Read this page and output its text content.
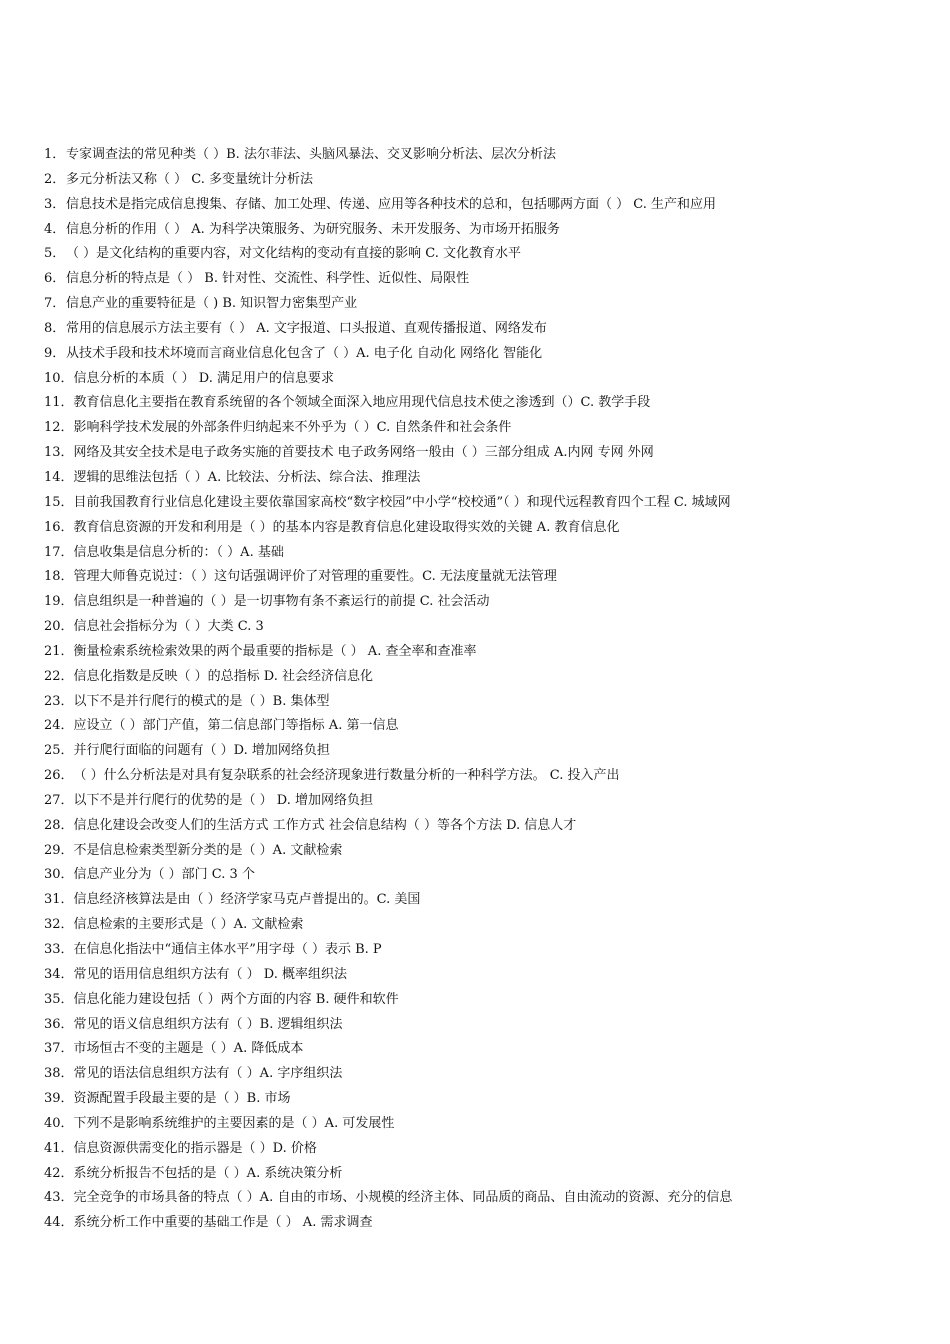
1．专家调查法的常见种类（ ）B. 法尔菲法、头脑风暴法、交叉影响分析法、层次分析法
2．多元分析法又称（ ） C. 多变量统计分析法
3．信息技术是指完成信息搜集、存储、加工处理、传递、应用等各种技术的总和，包括哪两方面（ ） C. 生产和应用
4．信息分析的作用（ ） A. 为科学决策服务、为研究服务、未开发服务、为市场开拓服务
5．（ ）是文化结构的重要内容，对文化结构的变动有直接的影响 C. 文化教育水平
6．信息分析的特点是（ ） B. 针对性、交流性、科学性、近似性、局限性
7．信息产业的重要特征是（ ) B. 知识智力密集型产业
8．常用的信息展示方法主要有（ ） A. 文字报道、口头报道、直观传播报道、网络发布
9．从技术手段和技术坏境而言商业信息化包含了（ ）A. 电子化 自动化 网络化 智能化
10．信息分析的本质（ ） D. 满足用户的信息要求
11．教育信息化主要指在教育系统留的各个领域全面深入地应用现代信息技术使之渗透到（）C. 教学手段
12．影响科学技术发展的外部条件归纳起来不外乎为（ ）C. 自然条件和社会条件
13．网络及其安全技术是电子政务实施的首要技术 电子政务网络一般由（ ）三部分组成 A.内网 专网 外网
14．逻辑的思维法包括（ ）A. 比较法、分析法、综合法、推理法
15．目前我国教育行业信息化建设主要依靠国家高校“数字校园”中小学“校校通”（ ）和现代远程教育四个工程 C. 城域网
16．教育信息资源的开发和利用是（ ）的基本内容是教育信息化建设取得实效的关键 A. 教育信息化
17．信息收集是信息分析的：（ ）A. 基础
18．管理大师鲁克说过：（ ）这句话强调评价了对管理的重要性。C. 无法度量就无法管理
19．信息组织是一种普遍的（ ）是一切事物有条不紊运行的前提 C. 社会活动
20．信息社会指标分为（ ）大类 C. 3
21．衡量检索系统检索效果的两个最重要的指标是（ ） A. 查全率和查准率
22．信息化指数是反映（ ）的总指标 D. 社会经济信息化
23．以下不是并行爬行的模式的是（ ）B. 集体型
24．应设立（ ）部门产值，第二信息部门等指标 A. 第一信息
25．并行爬行面临的问题有（ ）D. 增加网络负担
26．（ ）什么分析法是对具有复杂联系的社会经济现象进行数量分析的一种科学方法。 C. 投入产出
27．以下不是并行爬行的优势的是（ ） D. 增加网络负担
28．信息化建设会改变人们的生活方式 工作方式 社会信息结构（ ）等各个方法 D. 信息人才
29．不是信息检索类型新分类的是（ ）A. 文献检索
30．信息产业分为（ ）部门 C. 3 个
31．信息经济核算法是由（ ）经济学家马克卢普提出的。C. 美国
32．信息检索的主要形式是（ ）A. 文献检索
33．在信息化指法中“通信主体水平”用字母（ ）表示 B. P
34．常见的语用信息组织方法有（ ） D. 概率组织法
35．信息化能力建设包括（ ）两个方面的内容 B. 硬件和软件
36．常见的语义信息组织方法有（ ）B. 逻辑组织法
37．市场恒古不变的主题是（ ）A. 降低成本
38．常见的语法信息组织方法有（ ）A. 字序组织法
39．资源配置手段最主要的是（ ）B. 市场
40．下列不是影响系统维护的主要因素的是（ ）A. 可发展性
41．信息资源供需变化的指示器是（ ）D. 价格
42．系统分析报告不包括的是（ ）A. 系统决策分析
43．完全竞争的市场具备的特点（ ）A. 自由的市场、小规模的经济主体、同品质的商品、自由流动的资源、充分的信息
44．系统分析工作中重要的基础工作是（ ） A. 需求调查
